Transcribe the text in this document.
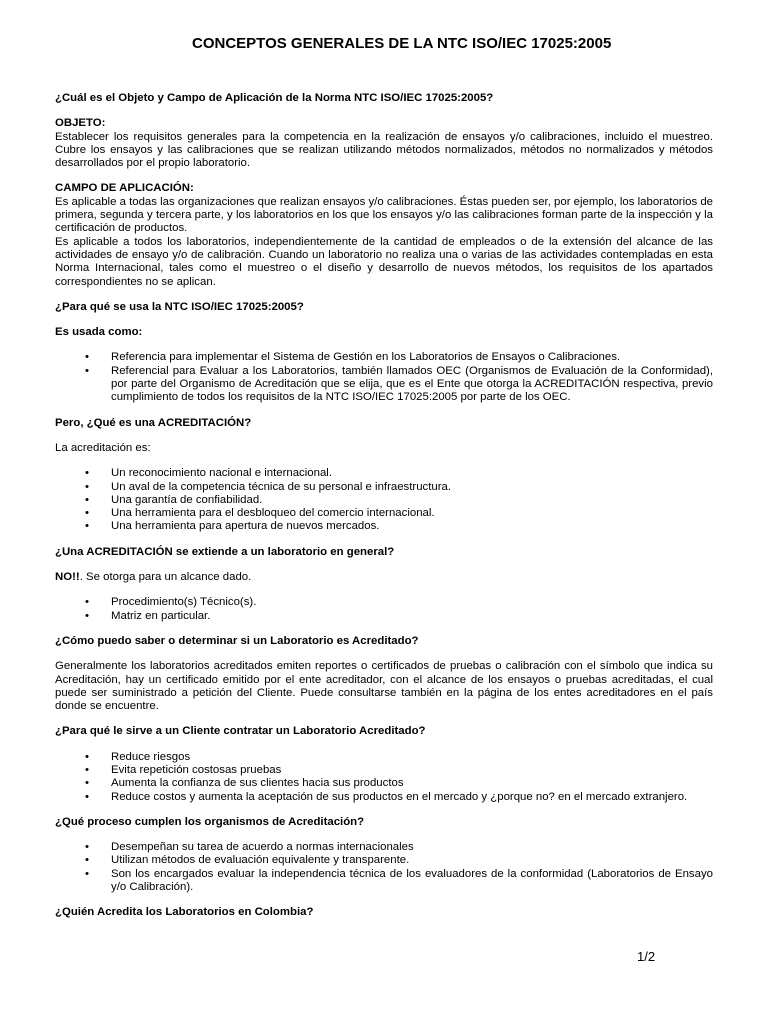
CONCEPTOS GENERALES DE LA NTC ISO/IEC 17025:2005

¿Cuál es el Objeto y Campo de Aplicación de la Norma NTC ISO/IEC 17025:2005?

OBJETO:

Establecer los requisitos generales para la competencia en la realización de ensayos y/o calibraciones, incluido el muestreo. Cubre los ensayos y las calibraciones que se realizan utilizando métodos normalizados, métodos no normalizados y métodos desarrollados por el propio laboratorio.

CAMPO DE APLICACIÓN:

Es aplicable a todas las organizaciones que realizan ensayos y/o calibraciones. Éstas pueden ser, por ejemplo, los laboratorios de primera, segunda y tercera parte, y los laboratorios en los que los ensayos y/o las calibraciones forman parte de la inspección y la certificación de productos.

Es aplicable a todos los laboratorios, independientemente de la cantidad de empleados o de la extensión del alcance de las actividades de ensayo y/o de calibración. Cuando un laboratorio no realiza una o varias de las actividades contempladas en esta Norma Internacional, tales como el muestreo o el diseño y desarrollo de nuevos métodos, los requisitos de los apartados correspondientes no se aplican.

¿Para qué se usa la NTC ISO/IEC 17025:2005?

Es usada como:

• Referencia para implementar el Sistema de Gestión en los Laboratorios de Ensayos o Calibraciones.
• Referencial para Evaluar a los Laboratorios, también llamados OEC (Organismos de Evaluación de la Conformidad), por parte del Organismo de Acreditación que se elija, que es el Ente que otorga la ACREDITACIÓN respectiva, previo cumplimiento de todos los requisitos de la NTC ISO/IEC 17025:2005 por parte de los OEC.

Pero, ¿Qué es una ACREDITACIÓN?

La acreditación es:

• Un reconocimiento nacional e internacional.
• Un aval de la competencia técnica de su personal e infraestructura.
• Una garantía de confiabilidad.
• Una herramienta para el desbloqueo del comercio internacional.
• Una herramienta para apertura de nuevos mercados.

¿Una ACREDITACIÓN se extiende a un laboratorio en general?

NO!!. Se otorga para un alcance dado.

• Procedimiento(s) Técnico(s).
• Matriz en particular.

¿Cómo puedo saber o determinar si un Laboratorio es Acreditado?

Generalmente los laboratorios acreditados emiten reportes o certificados de pruebas o calibración con el símbolo que indica su Acreditación, hay un certificado emitido por el ente acreditador, con el alcance de los ensayos o pruebas acreditadas, el cual puede ser suministrado a petición del Cliente. Puede consultarse también en la página de los entes acreditadores en el país donde se encuentre.

¿Para qué le sirve a un Cliente contratar un Laboratorio Acreditado?

• Reduce riesgos
• Evita repetición costosas pruebas
• Aumenta la confianza de sus clientes hacia sus productos
• Reduce costos y aumenta la aceptación de sus productos en el mercado y ¿porque no? en el mercado extranjero.

¿Qué proceso cumplen los organismos de Acreditación?

• Desempeñan su tarea de acuerdo a normas internacionales
• Utilizan métodos de evaluación equivalente y transparente.
• Son los encargados evaluar la independencia técnica de los evaluadores de la conformidad (Laboratorios de Ensayo y/o Calibración).

¿Quién Acredita los Laboratorios en Colombia?

1/2
